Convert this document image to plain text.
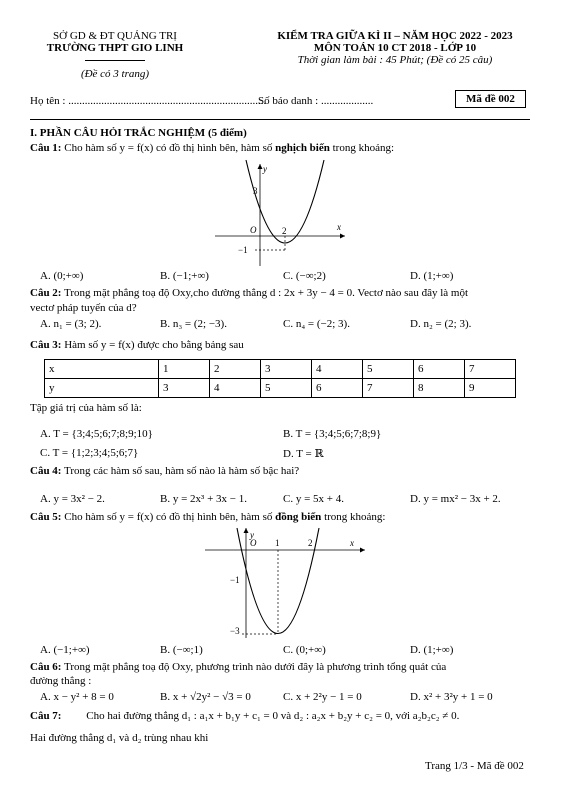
SỞ GD & ĐT QUẢNG TRỊ
TRƯỜNG THPT GIO LINH
(Đề có 3 trang)
KIỂM TRA GIỮA KÌ II – NĂM HỌC 2022 - 2023
MÔN TOÁN 10 CT 2018 - LỚP 10
Thời gian làm bài : 45 Phút; (Đề có 25 câu)
Họ tên : ........................................................................
Số báo danh : ...................	Mã đề 002
I. PHẦN CÂU HỎI TRẮC NGHIỆM (5 điểm)
Câu 1: Cho hàm số y = f(x) có đồ thị hình bên, hàm số nghịch biến trong khoảng:
y
x
O
3
2
−1
A. (0;+∞)	B. (−1;+∞)	C. (−∞;2)	D. (1;+∞)
Câu 2: Trong mặt phẳng toạ độ Oxy,cho đường thẳng d : 2x + 3y − 4 = 0. Vectơ nào sau đây là một
vectơ pháp tuyến của d?
A. n₁ = (3; 2).	B. n₃ = (2; −3).	C. n₄ = (−2; 3).	D. n₂ = (2; 3).
Câu 3: Hàm số y = f(x) được cho bằng bảng sau
x	1	2	3	4	5	6	7
y	3	4	5	6	7	8	9
Tập giá trị của hàm số là:
A. T = {3;4;5;6;7;8;9;10}	B. T = {3;4;5;6;7;8;9}
C. T = {1;2;3;4;5;6;7}	D. T = ℝ
Câu 4: Trong các hàm số sau, hàm số nào là hàm số bậc hai?
A. y = 3x² − 2.	B. y = 2x³ + 3x − 1.	C. y = 5x + 4.	D. y = mx² − 3x + 2.
Câu 5: Cho hàm số y = f(x) có đồ thị hình bên, hàm số đồng biến trong khoảng:
y
x
O 1	2
−1
−3
A. (−1;+∞)	B. (−∞;1)	C. (0;+∞)	D. (1;+∞)
Câu 6: Trong mặt phẳng toạ độ Oxy, phương trình nào dưới đây là phương trình tổng quát của
đường thẳng :
A. x − y² + 8 = 0	B. x + √2y² − √3 = 0	C. x + 2²y − 1 = 0	D. x² + 3²y + 1 = 0
Câu 7: Cho hai đường thẳng d₁ : a₁x + b₁y + c₁ = 0 và d₂ : a₂x + b₂y + c₂ = 0, với a₂b₂c₂ ≠ 0.
Hai đường thẳng d₁ và d₂ trùng nhau khi
Trang 1/3 - Mã đề 002
